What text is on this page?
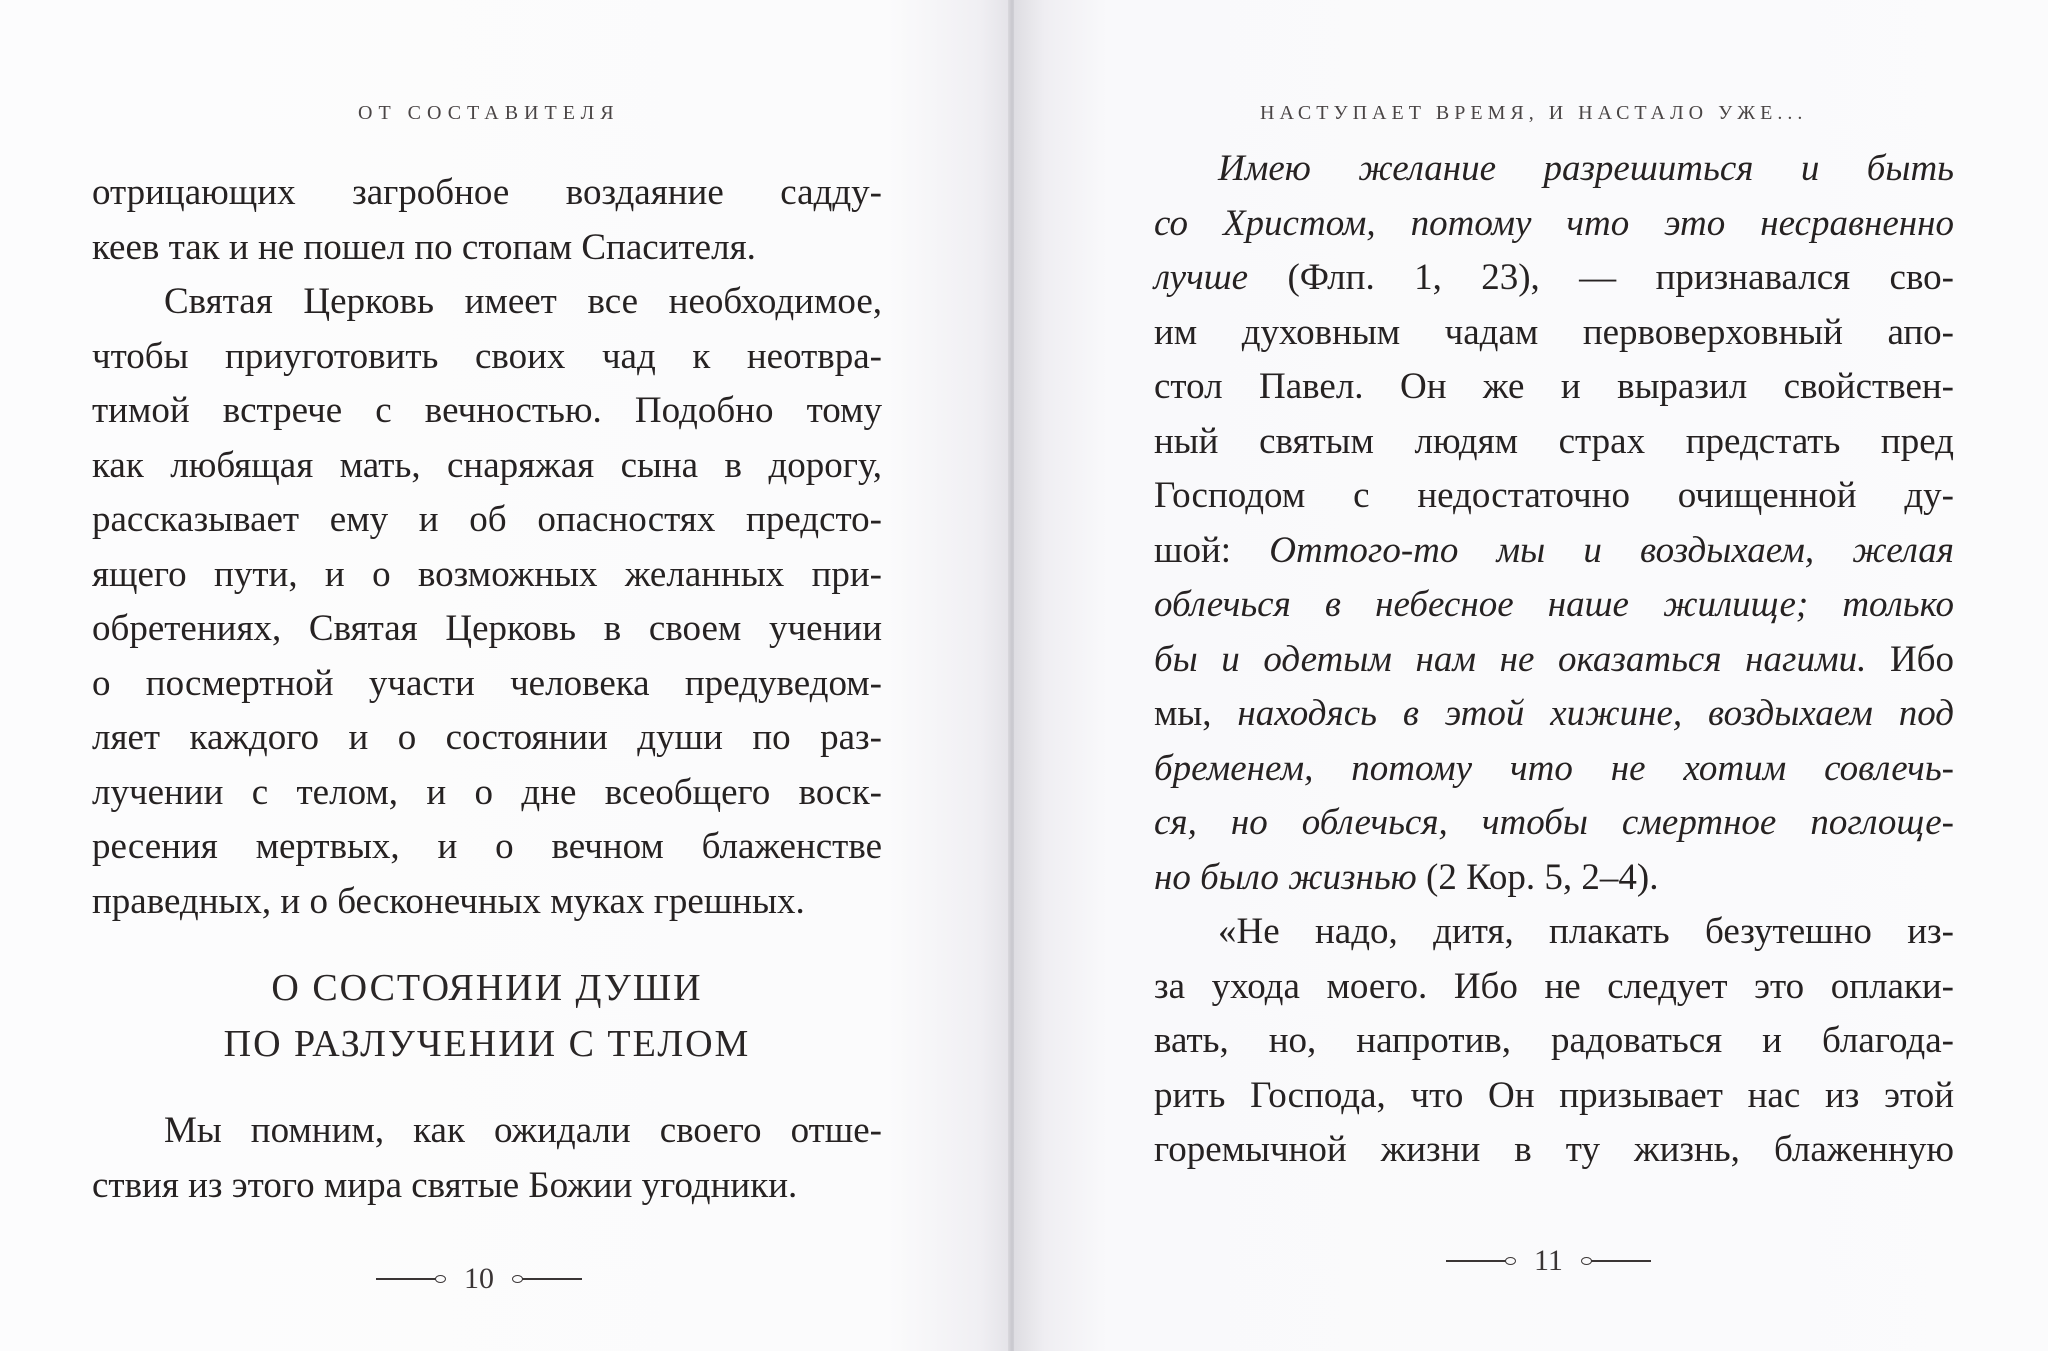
ОТ СОСТАВИТЕЛЯ
отрицающих загробное воздаяние садду-
кеев так и не пошел по стопам Спасителя.
Святая Церковь имеет все необходимое,
чтобы приуготовить своих чад к неотвра-
тимой встрече с вечностью. Подобно тому
как любящая мать, снаряжая сына в дорогу,
рассказывает ему и об опасностях предсто-
ящего пути, и о возможных желанных при-
обретениях, Святая Церковь в своем учении
о посмертной участи человека предуведом-
ляет каждого и о состоянии души по раз-
лучении с телом, и о дне всеобщего воск-
ресения мертвых, и о вечном блаженстве
праведных, и о бесконечных муках грешных.
О СОСТОЯНИИ ДУШИ
ПО РАЗЛУЧЕНИИ С ТЕЛОМ
Мы помним, как ожидали своего отше-
ствия из этого мира святые Божии угодники.
10
НАСТУПАЕТ ВРЕМЯ, И НАСТАЛО УЖЕ...
Имею желание разрешиться и быть
со Христом, потому что это несравненно
лучше (Флп. 1, 23), — признавался сво-
им духовным чадам первоверховный апо-
стол Павел. Он же и выразил свойствен-
ный святым людям страх предстать пред
Господом с недостаточно очищенной ду-
шой: Оттого-то мы и воздыхаем, желая
облечься в небесное наше жилище; только
бы и одетым нам не оказаться нагими. Ибо
мы, находясь в этой хижине, воздыхаем под
бременем, потому что не хотим совлечь-
ся, но облечься, чтобы смертное поглоще-
но было жизнью (2 Кор. 5, 2–4).
«Не надо, дитя, плакать безутешно из-
за ухода моего. Ибо не следует это оплаки-
вать, но, напротив, радоваться и благода-
рить Господа, что Он призывает нас из этой
горемычной жизни в ту жизнь, блаженную
11
